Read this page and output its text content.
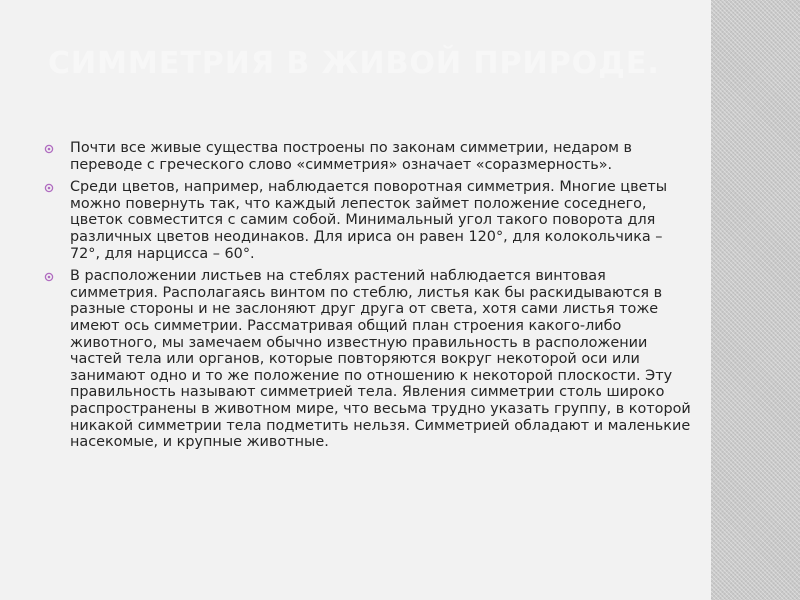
СИММЕТРИЯ В ЖИВОЙ ПРИРОДЕ.
Почти все живые существа построены по законам симметрии, недаром в переводе с греческого слово «симметрия» означает «соразмерность».
Среди цветов, например, наблюдается поворотная симметрия. Многие цветы можно повернуть так, что каждый лепесток займет положение соседнего, цветок совместится с самим собой. Минимальный угол такого поворота для различных цветов неодинаков. Для ириса он равен 120°, для колокольчика – 72°, для нарцисса – 60°.
В расположении листьев на стеблях растений наблюдается винтовая симметрия. Располагаясь винтом по стеблю, листья как бы раскидываются в разные стороны и не заслоняют друг друга от света, хотя сами листья тоже имеют ось симметрии. Рассматривая общий план строения какого-либо животного, мы замечаем обычно известную правильность в расположении частей тела или органов, которые повторяются вокруг некоторой оси или занимают одно и то же положение по отношению к некоторой плоскости. Эту правильность называют симметрией тела. Явления симметрии столь широко распространены в животном мире, что весьма трудно указать группу, в которой никакой симметрии тела подметить нельзя. Симметрией обладают и маленькие насекомые, и крупные животные.
